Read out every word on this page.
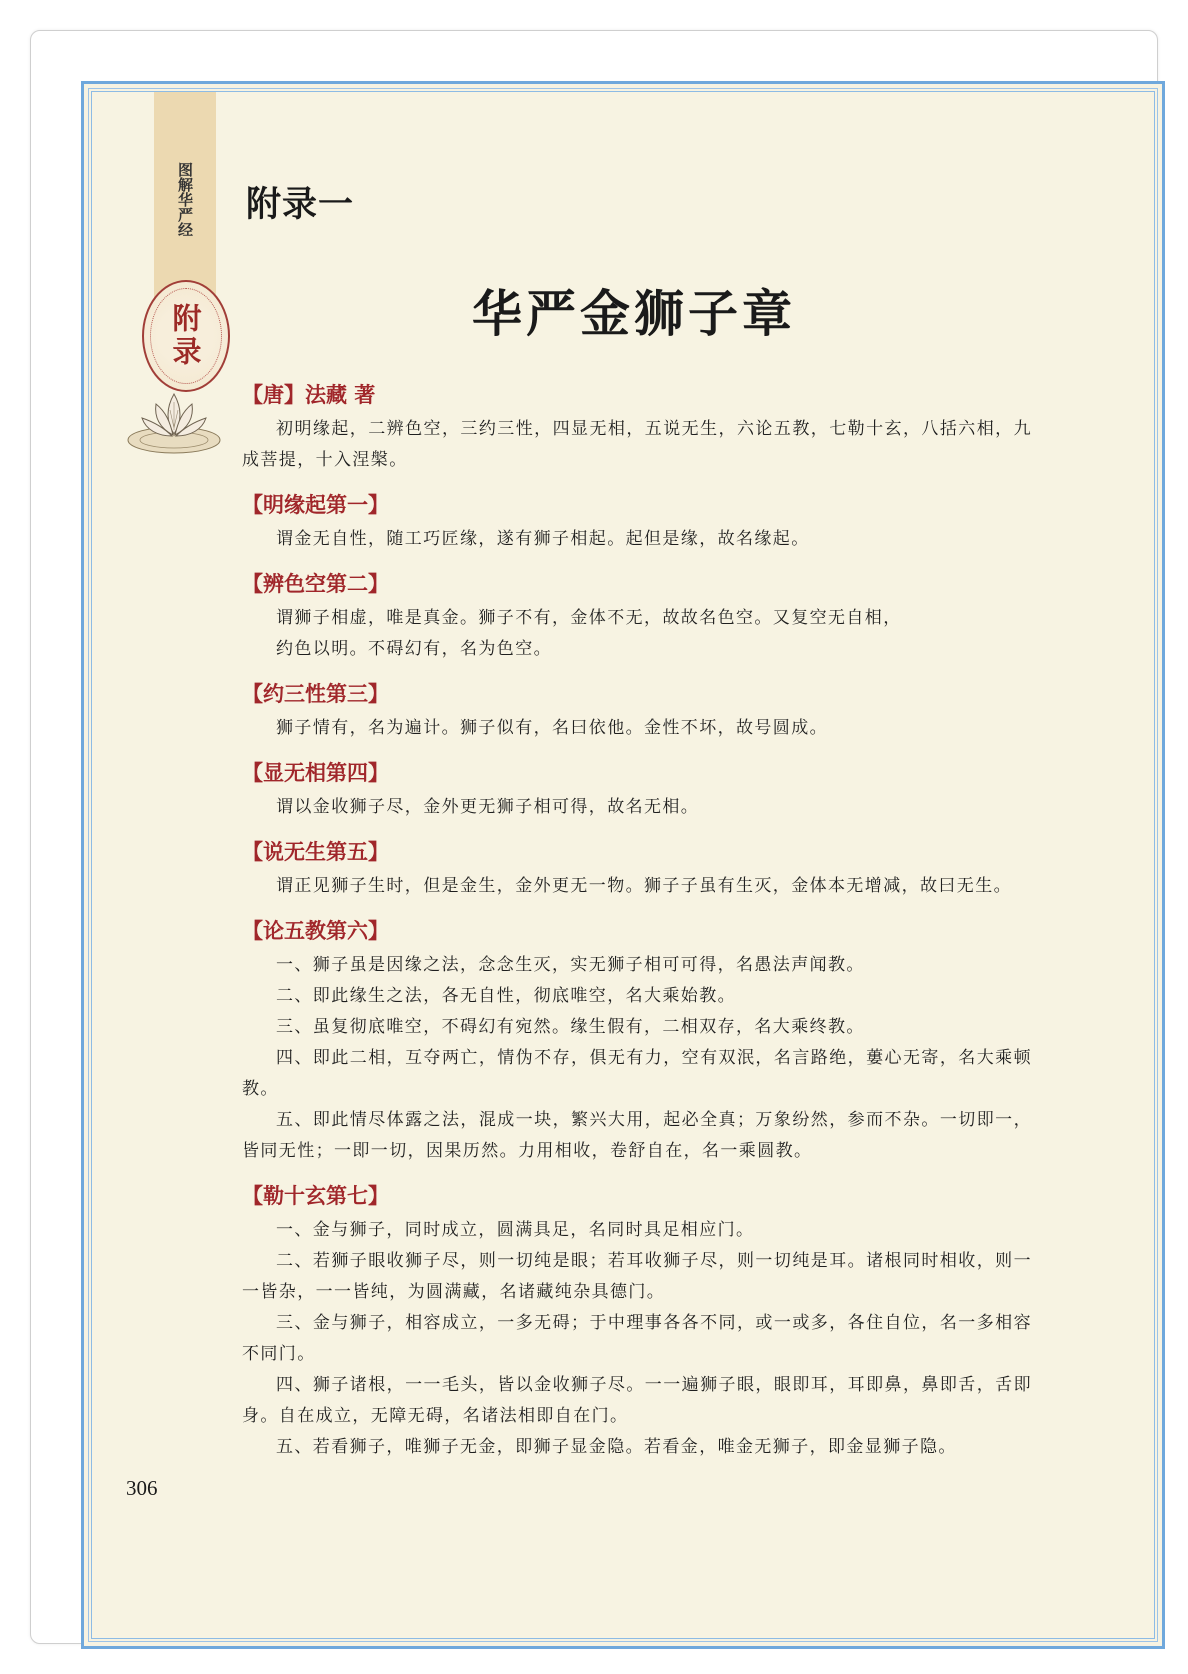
图解华严经
附录
附录一
华严金狮子章
【唐】法藏 著

初明缘起，二辨色空，三约三性，四显无相，五说无生，六论五教，七勒十玄，八括六相，九成菩提，十入涅槃。

【明缘起第一】

谓金无自性，随工巧匠缘，遂有狮子相起。起但是缘，故名缘起。

【辨色空第二】

谓狮子相虚，唯是真金。狮子不有，金体不无，故故名色空。又复空无自相，

约色以明。不碍幻有，名为色空。

【约三性第三】

狮子情有，名为遍计。狮子似有，名曰依他。金性不坏，故号圆成。

【显无相第四】

谓以金收狮子尽，金外更无狮子相可得，故名无相。

【说无生第五】

谓正见狮子生时，但是金生，金外更无一物。狮子子虽有生灭，金体本无增减，故曰无生。

【论五教第六】

一、狮子虽是因缘之法，念念生灭，实无狮子相可可得，名愚法声闻教。

二、即此缘生之法，各无自性，彻底唯空，名大乘始教。

三、虽复彻底唯空，不碍幻有宛然。缘生假有，二相双存，名大乘终教。

四、即此二相，互夺两亡，情伪不存，俱无有力，空有双泯，名言路绝，蔞心无寄，名大乘顿教。

五、即此情尽体露之法，混成一块，繁兴大用，起必全真；万象纷然，参而不杂。一切即一，皆同无性；一即一切，因果历然。力用相收，卷舒自在，名一乘圆教。

【勒十玄第七】

一、金与狮子，同时成立，圆满具足，名同时具足相应门。

二、若狮子眼收狮子尽，则一切纯是眼；若耳收狮子尽，则一切纯是耳。诸根同时相收，则一一皆杂，一一皆纯，为圆满藏，名诸藏纯杂具德门。

三、金与狮子，相容成立，一多无碍；于中理事各各不同，或一或多，各住自位，名一多相容不同门。

四、狮子诸根，一一毛头，皆以金收狮子尽。一一遍狮子眼，眼即耳，耳即鼻，鼻即舌，舌即身。自在成立，无障无碍，名诸法相即自在门。

五、若看狮子，唯狮子无金，即狮子显金隐。若看金，唯金无狮子，即金显狮子隐。

306
